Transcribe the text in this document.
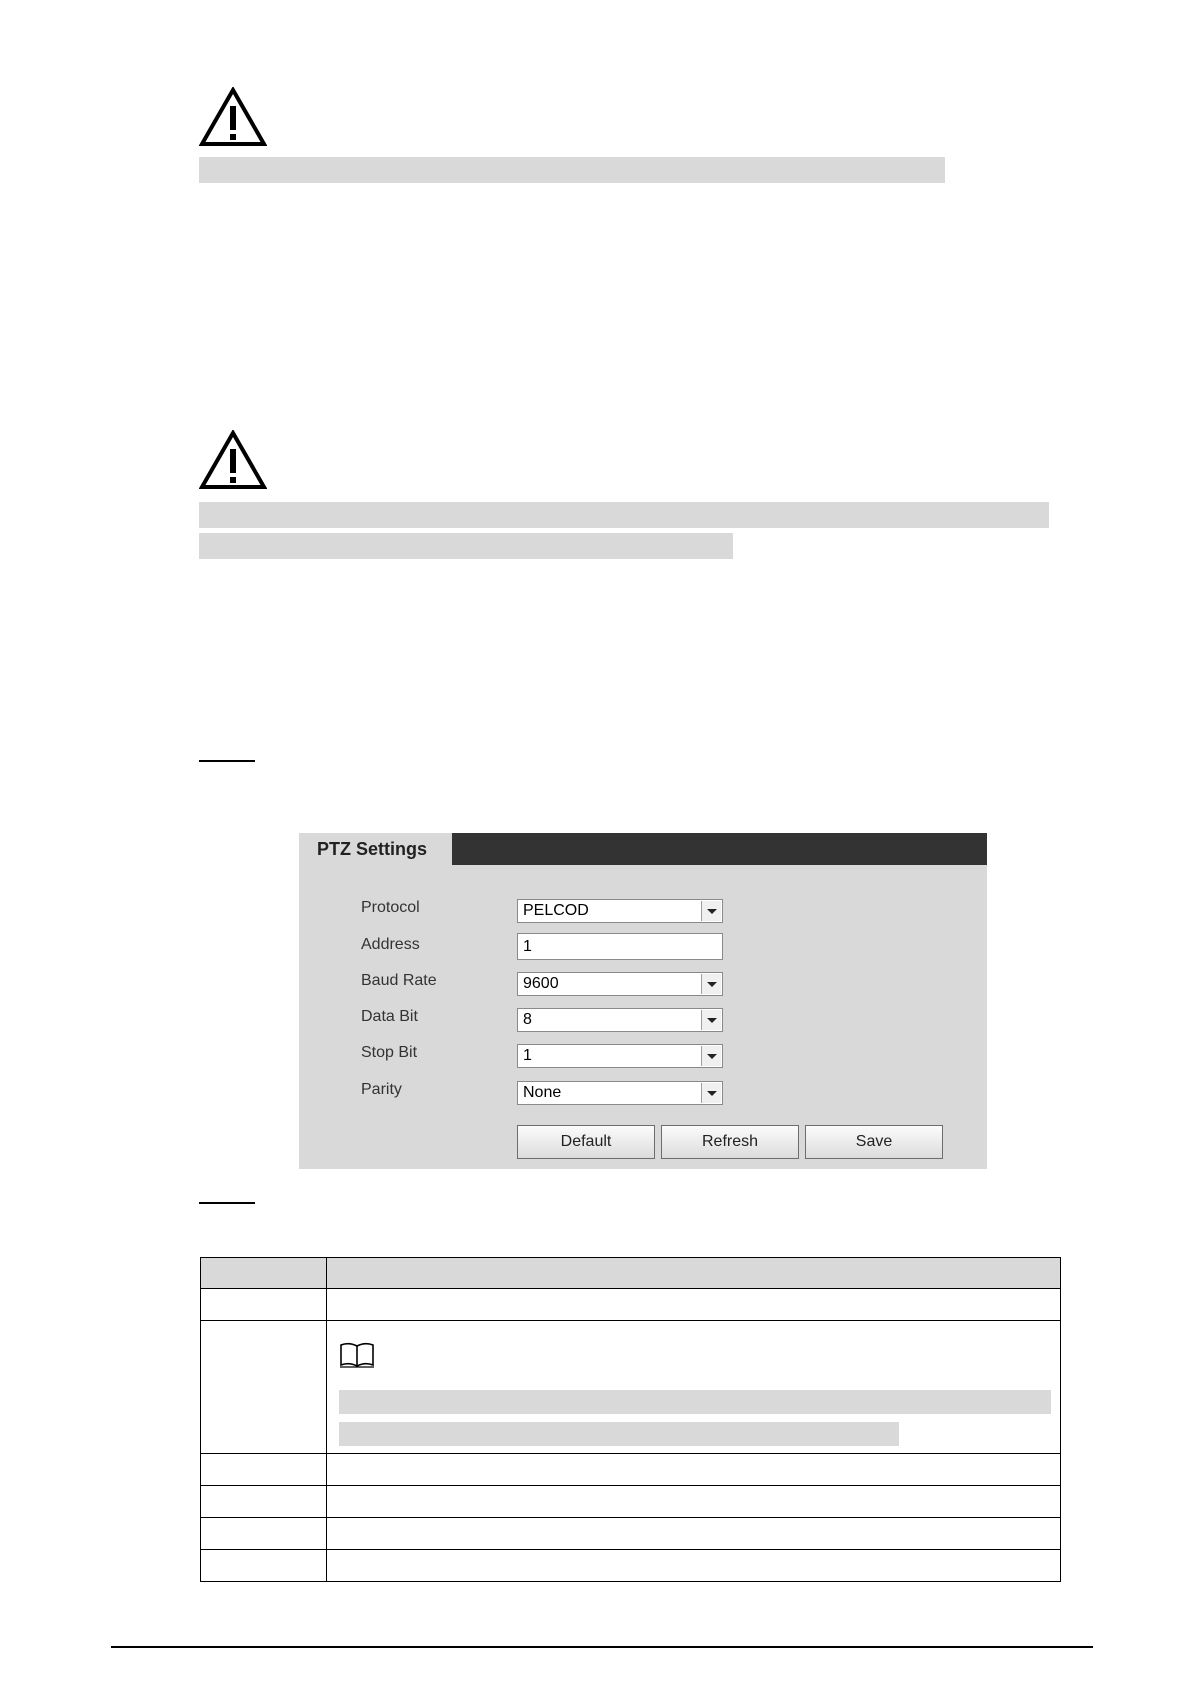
PTZ Settings
Protocol	PELCOD
Address	1
Baud Rate	9600
Data Bit	8
Stop Bit	1
Parity	None
Default	Refresh	Save
